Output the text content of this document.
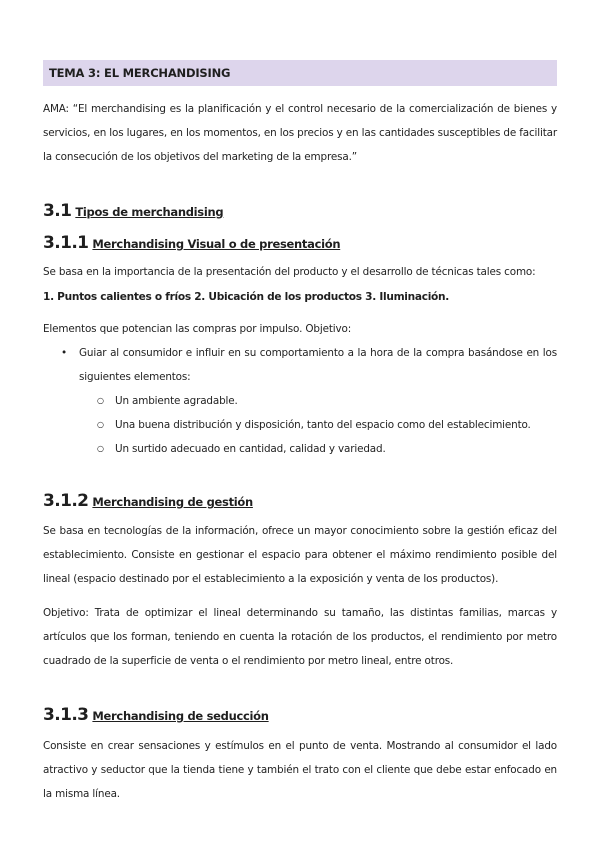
TEMA 3: EL MERCHANDISING
AMA: “El merchandising es la planificación y el control necesario de la comercialización de bienes y servicios, en los lugares, en los momentos, en los precios y en las cantidades susceptibles de facilitar la consecución de los objetivos del marketing de la empresa.”
3.1 Tipos de merchandising
3.1.1 Merchandising Visual o de presentación
Se basa en la importancia de la presentación del producto y el desarrollo de técnicas tales como:
1. Puntos calientes o fríos 2. Ubicación de los productos 3. Iluminación.
Elementos que potencian las compras por impulso. Objetivo:
• Guiar al consumidor e influir en su comportamiento a la hora de la compra basándose en los siguientes elementos:
○ Un ambiente agradable.
○ Una buena distribución y disposición, tanto del espacio como del establecimiento.
○ Un surtido adecuado en cantidad, calidad y variedad.
3.1.2 Merchandising de gestión
Se basa en tecnologías de la información, ofrece un mayor conocimiento sobre la gestión eficaz del establecimiento. Consiste en gestionar el espacio para obtener el máximo rendimiento posible del lineal (espacio destinado por el establecimiento a la exposición y venta de los productos).
Objetivo: Trata de optimizar el lineal determinando su tamaño, las distintas familias, marcas y artículos que los forman, teniendo en cuenta la rotación de los productos, el rendimiento por metro cuadrado de la superficie de venta o el rendimiento por metro lineal, entre otros.
3.1.3 Merchandising de seducción
Consiste en crear sensaciones y estímulos en el punto de venta. Mostrando al consumidor el lado atractivo y seductor que la tienda tiene y también el trato con el cliente que debe estar enfocado en la misma línea.
